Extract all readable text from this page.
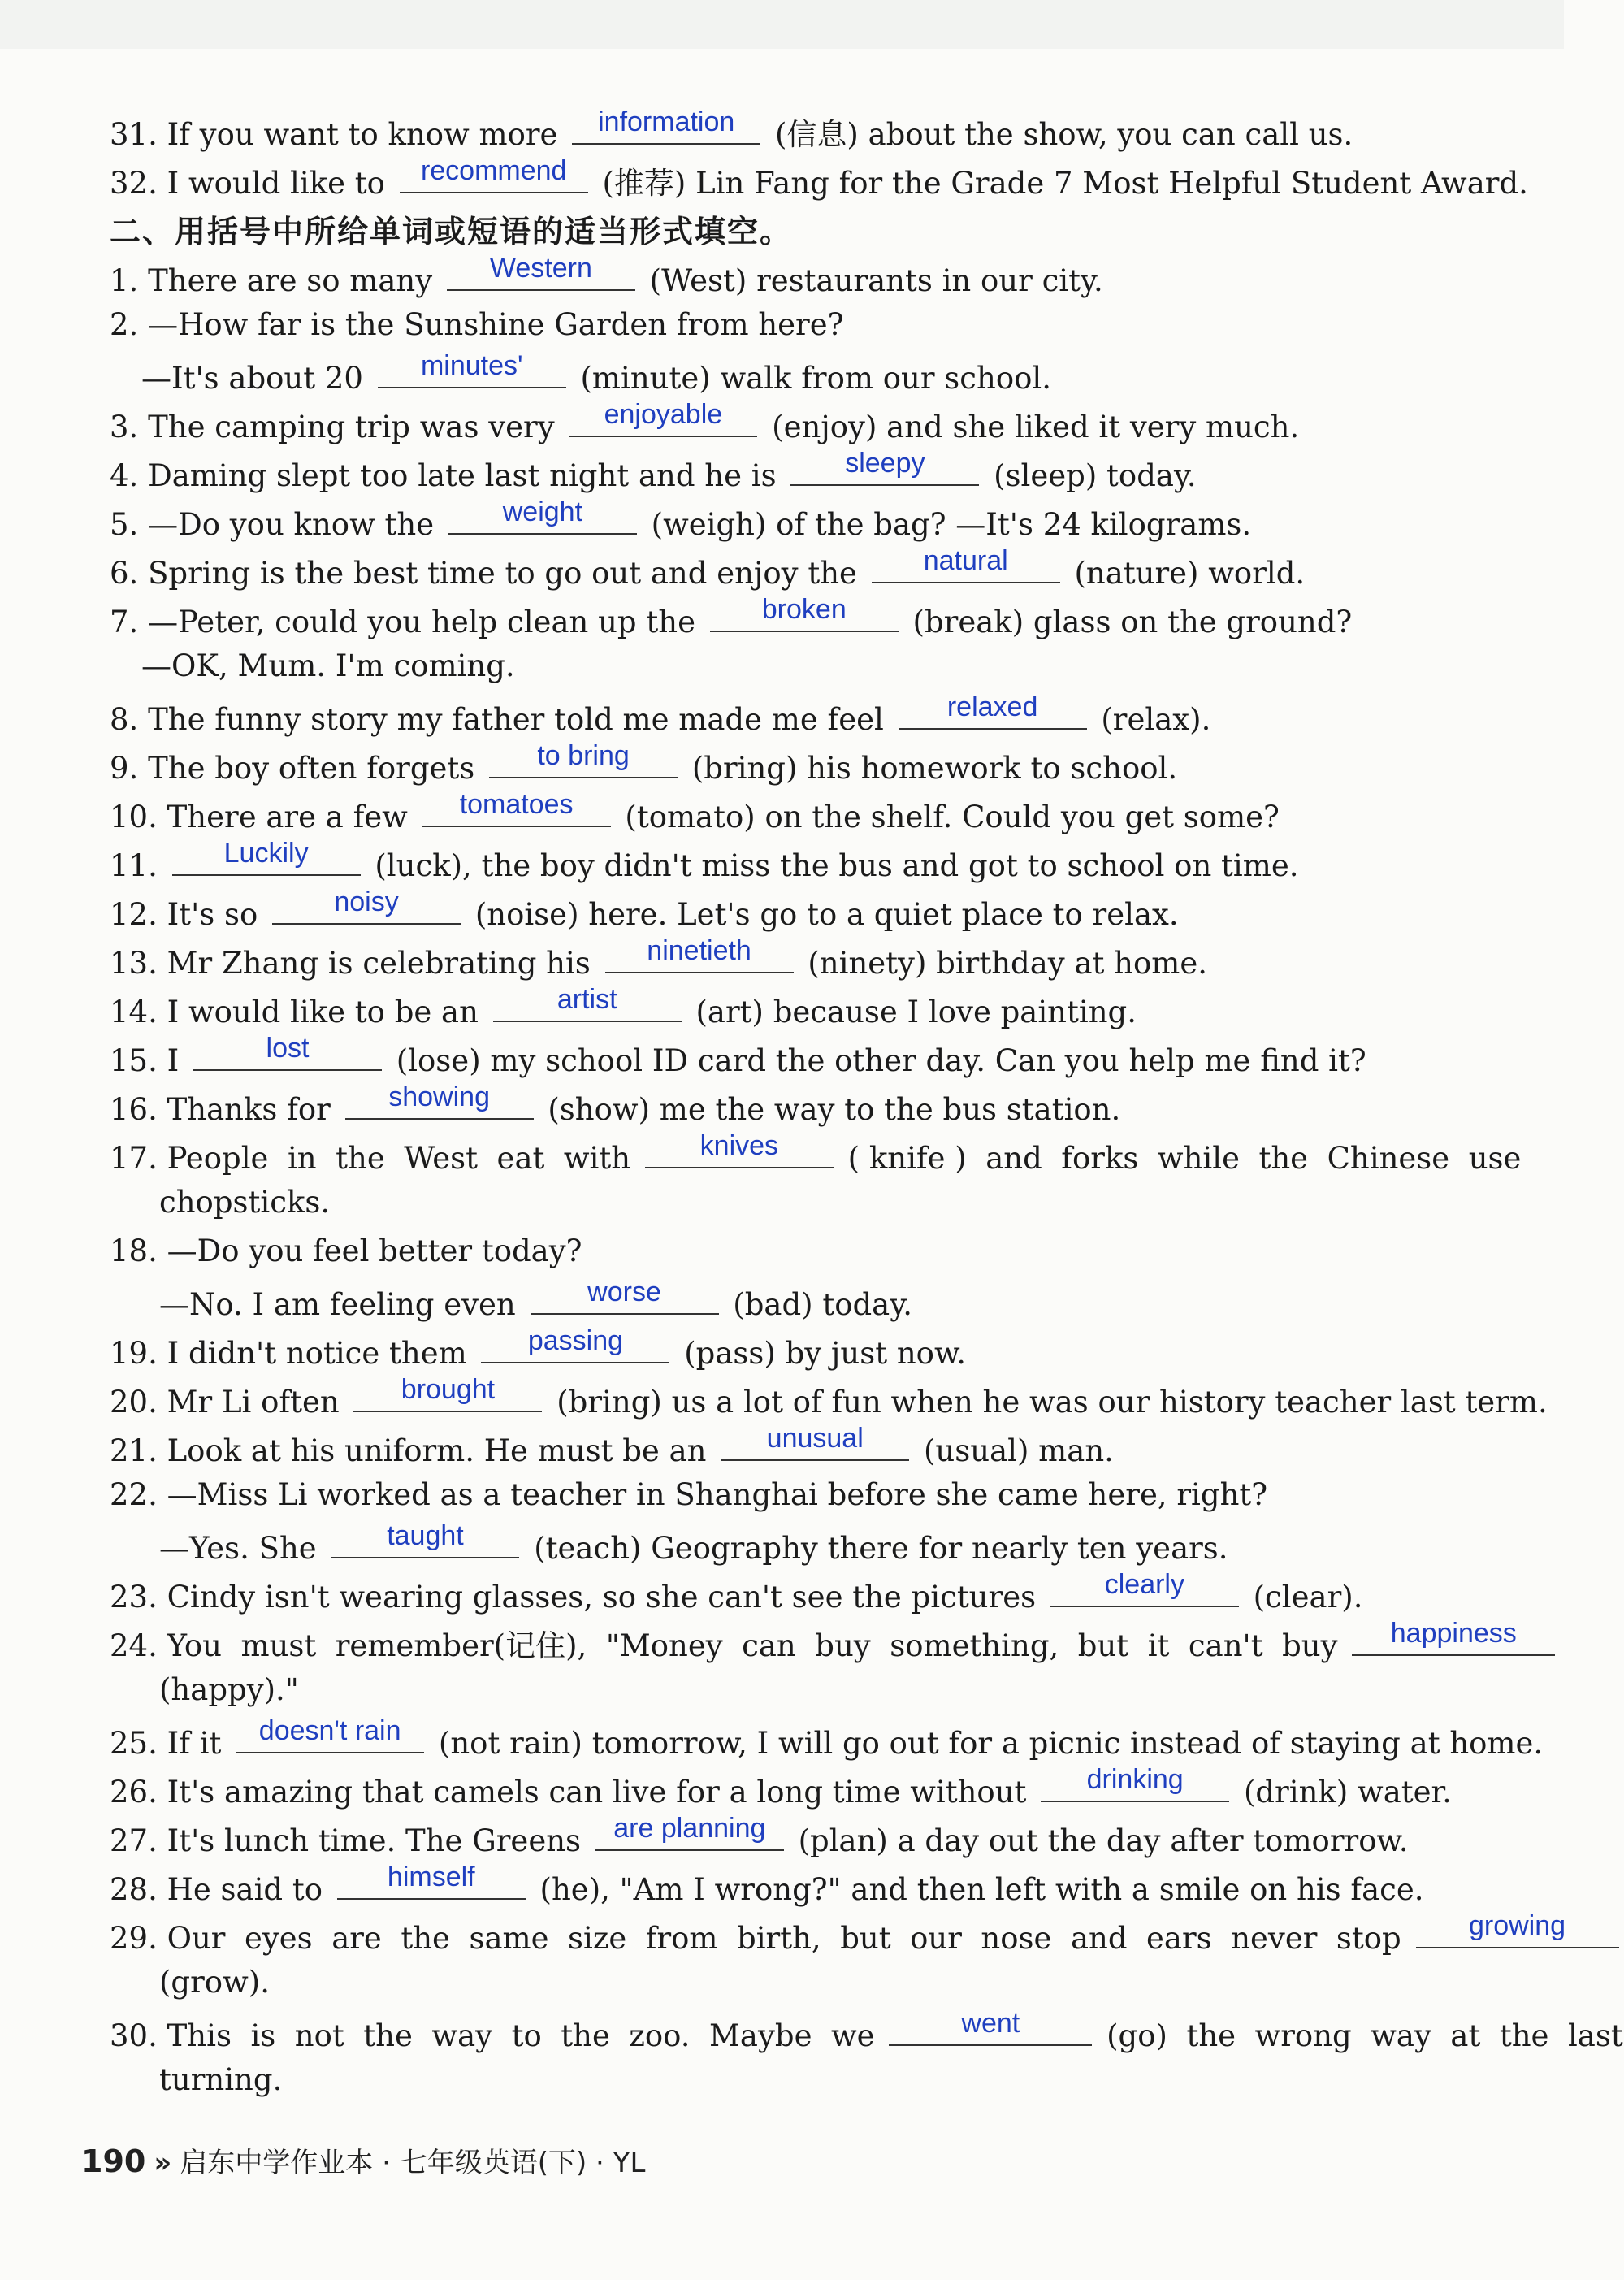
31. If you want to know more	information	(信息) about the show, you can call us.
32. I would like to	recommend	(推荐) Lin Fang for the Grade 7 Most Helpful Student Award.
二、用括号中所给单词或短语的适当形式填空。
1. There are so many	Western	(West) restaurants in our city.
2. —How far is the Sunshine Garden from here?
—It's about 20	minutes'	(minute) walk from our school.
3. The camping trip was very	enjoyable	(enjoy) and she liked it very much.
4. Daming slept too late last night and he is	sleepy	(sleep) today.
5. —Do you know the	weight	(weigh) of the bag? —It's 24 kilograms.
6. Spring is the best time to go out and enjoy the	natural	(nature) world.
7. —Peter, could you help clean up the	broken	(break) glass on the ground?
—OK, Mum. I'm coming.
8. The funny story my father told me made me feel	relaxed	(relax).
9. The boy often forgets	to bring	(bring) his homework to school.
10. There are a few	tomatoes	(tomato) on the shelf. Could you get some?
11.	Luckily	(luck), the boy didn't miss the bus and got to school on time.
12. It's so	noisy	(noise) here. Let's go to a quiet place to relax.
13. Mr Zhang is celebrating his	ninetieth	(ninety) birthday at home.
14. I would like to be an	artist	(art) because I love painting.
15. I	lost	(lose) my school ID card the other day. Can you help me find it?
16. Thanks for	showing	(show) me the way to the bus station.
17. People  in  the  West  eat  with	knives	( knife )  and  forks  while  the  Chinese  use
chopsticks.
18. —Do you feel better today?
—No. I am feeling even	worse	(bad) today.
19. I didn't notice them	passing	(pass) by just now.
20. Mr Li often	brought	(bring) us a lot of fun when he was our history teacher last term.
21. Look at his uniform. He must be an	unusual	(usual) man.
22. —Miss Li worked as a teacher in Shanghai before she came here, right?
—Yes. She	taught	(teach) Geography there for nearly ten years.
23. Cindy isn't wearing glasses, so she can't see the pictures	clearly	(clear).
24. You  must  remember(记住),  "Money  can  buy  something,  but  it  can't  buy	happiness
(happy)."
25. If it	doesn't rain	(not rain) tomorrow, I will go out for a picnic instead of staying at home.
26. It's amazing that camels can live for a long time without	drinking	(drink) water.
27. It's lunch time. The Greens	are planning	(plan) a day out the day after tomorrow.
28. He said to	himself	(he), "Am I wrong?" and then left with a smile on his face.
29. Our  eyes  are  the  same  size  from  birth,  but  our  nose  and  ears  never  stop	growing
(grow).
30. This  is  not  the  way  to  the  zoo.  Maybe  we	went	(go)  the  wrong  way  at  the  last
turning.
190 » 启东中学作业本 · 七年级英语(下) · YL
